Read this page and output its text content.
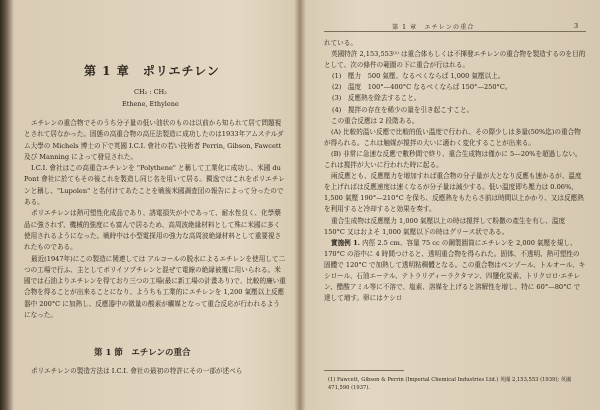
第 1 章　ポリエチレン
CH₂ : CH₂
Ethene, Ethylene

エチレンの重合物でそのうち分子量の低い油状のものは以前から知られて居て問題視とされて居なかった。固態の高重合物の高圧法製造に成功したのは1933年アムステルダム大學の Michels 博士の下で英國 I.C.I. 會社の若い技術者 Perrin, Gibson, Fawcett 及び Manning によって發見された。

I.C.I. 會社はこの高重合エチレンを "Polythene" と稱して工業化に成功し、米國 du Pont 會社に於てもその後これを製造し同じ名を用いて居る。獨逸ではこれをポリエチレンと稱し、"Lupolen" と名付けてあたことを戦後米國調査団の報告によって分ったのである。

ポリエチレンは熱可塑性化成品であり、誘電損失が小であって、耐水性良く、化學藥品に強されず、機械的強度にも富んで居るため、高周波絶縁材料として殊に米國に多く使用されるようになった。戦時中は小型電探用の強力な高周波絶縁材料として重要視されたものである。

最近(1947年)にこの製造に関連しては アルコールの脱水によるエチレンを使用して二つの工場で行ふ、主としてボリイソブチレンと混ぜて電線の絶縁被覆に用いられる。米國では石油よりエチレンを得ており三つの工場(最に新工場の計畫あり)で、比較的廉い重合物を得ることが出来ることになり、ようちも工業的にエチレンを 1,200 氣壓以上反應器中 200°C に加熱し、反應器中の微量の酸素が觸媒となって重合反応が行われるようになった。

第 1 節　エチレンの重合

ポリエチレンの製造方法は I.C.I. 會社の最初の特許にその一部が述べら

第 1 章　エチレンの重合	3

れている。

英國特許 2,153,553⁽¹⁾ は重合体もしくは不揮發エチレンの重合物を製造するのを目的として、次の條件の範圍の下に重合が行はれる。

(1)　壓力　500 氣壓、なるべくならば 1,000 氣壓以上。

(2)　温度　100°—400°C なるべくならば 150°—250°C。

(3)　反應熱を除去すること。

(4)　撹拌の存在を稀少の量を引き起こすこと。

この重合反應は 2 段階ある。

(A) 比較的温い反應で比較的低い温度で行われ、その際少しは多量(50%迄)の重合物が得られる。これは触媒が撹拌の大いに適わく変化することが出来る。

(B) 非常に急速な反應で數秒間で終り、重合生成物は僅かに 5—20%を超過しない。これは撹拌が大いに行われた時に起る。

兩反應とも、反應壓力を増加すれば重合物の分子量が大となり反應も速かるが、温度を上げればは反應速度は速くなるが分子量は減少する。低い温度即ち壓力は 0.06%, 1,500 氣壓 190°—210°C を保ち、反應熱をもたらさ前は時間以上かかり、又は反應熱を利用すると冷却すると効果を奏す。

重合生成物は反應壓力 1,000 氣壓以上の時は撹拌して粉撒の產生を有し、温度 150°C 又はおよそ 1,000 氣壓以下の時はグリース状である。

實施例 1. 内徑 2.5 cm、容量 75 cc の鋼製圓筒にエチレンを 2,000 氣壓を規し、170°C の浴中に 4 時間つけると、透明重合物を得られた。固体、不透明、熱可塑性の固體で 120°C で加熱して透明粘稠體となる。この重合物はベンゾール、トルオール、キシロール、石油エーテル、テトラリディーラクタマン、四鹽化炭素、トリクロロ·エチレン、醋酸アミル等に不溶で、塩素、溶媒を上げると溶解性を増し、特に 60°—80°C で達して増す。卵にはケシロ

(1) Fawcett, Gibson & Perrin (Imperial Chemical Industries Ltd.) 英國 2,153,553 (1939); 英國 471,590 (1937).
